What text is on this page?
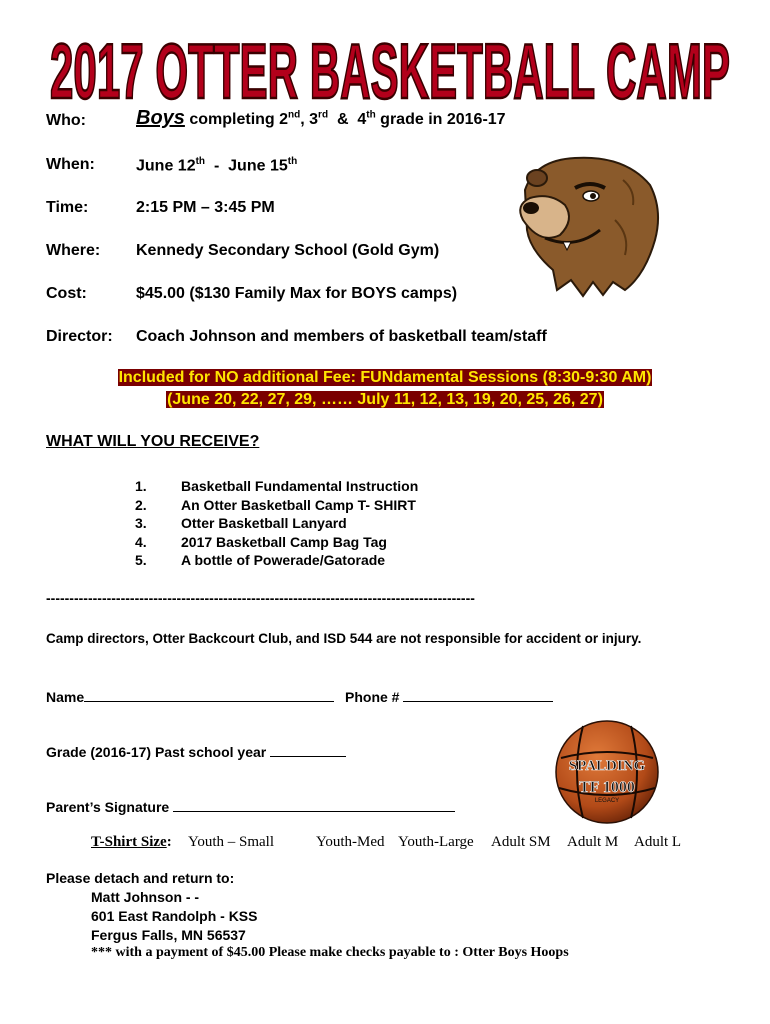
2017 OTTER BASKETBALL CAMP
Who:	Boys completing 2nd, 3rd  &  4th grade in 2016-17
When:	June 12th  -  June 15th
Time:	2:15 PM – 3:45 PM
Where: Kennedy Secondary School (Gold Gym)
Cost:	$45.00 ($130 Family Max for BOYS camps)
Director: Coach Johnson and members of basketball team/staff
Included for NO additional Fee: FUNdamental Sessions (8:30-9:30 AM)
(June 20, 22, 27, 29, …… July 11, 12, 13, 19, 20, 25, 26, 27)
WHAT WILL YOU RECEIVE?
1. Basketball Fundamental Instruction
2. An Otter Basketball Camp T- SHIRT
3. Otter Basketball Lanyard
4. 2017 Basketball Camp Bag Tag
5. A bottle of Powerade/Gatorade
--------------------------------------------------------------------------------------------
Camp directors, Otter Backcourt Club, and ISD 544 are not responsible for accident or injury.
Name	Phone #
Grade (2016-17) Past school year
Parent’s Signature
SPALDING
TF 1000
LEGACY
T-Shirt Size: Youth – Small	Youth-Med Youth-Large Adult SM Adult M Adult L
Please detach and return to:
Matt Johnson - -
601 East Randolph - KSS
Fergus Falls, MN 56537
*** with a payment of $45.00 Please make checks payable to : Otter Boys Hoops
